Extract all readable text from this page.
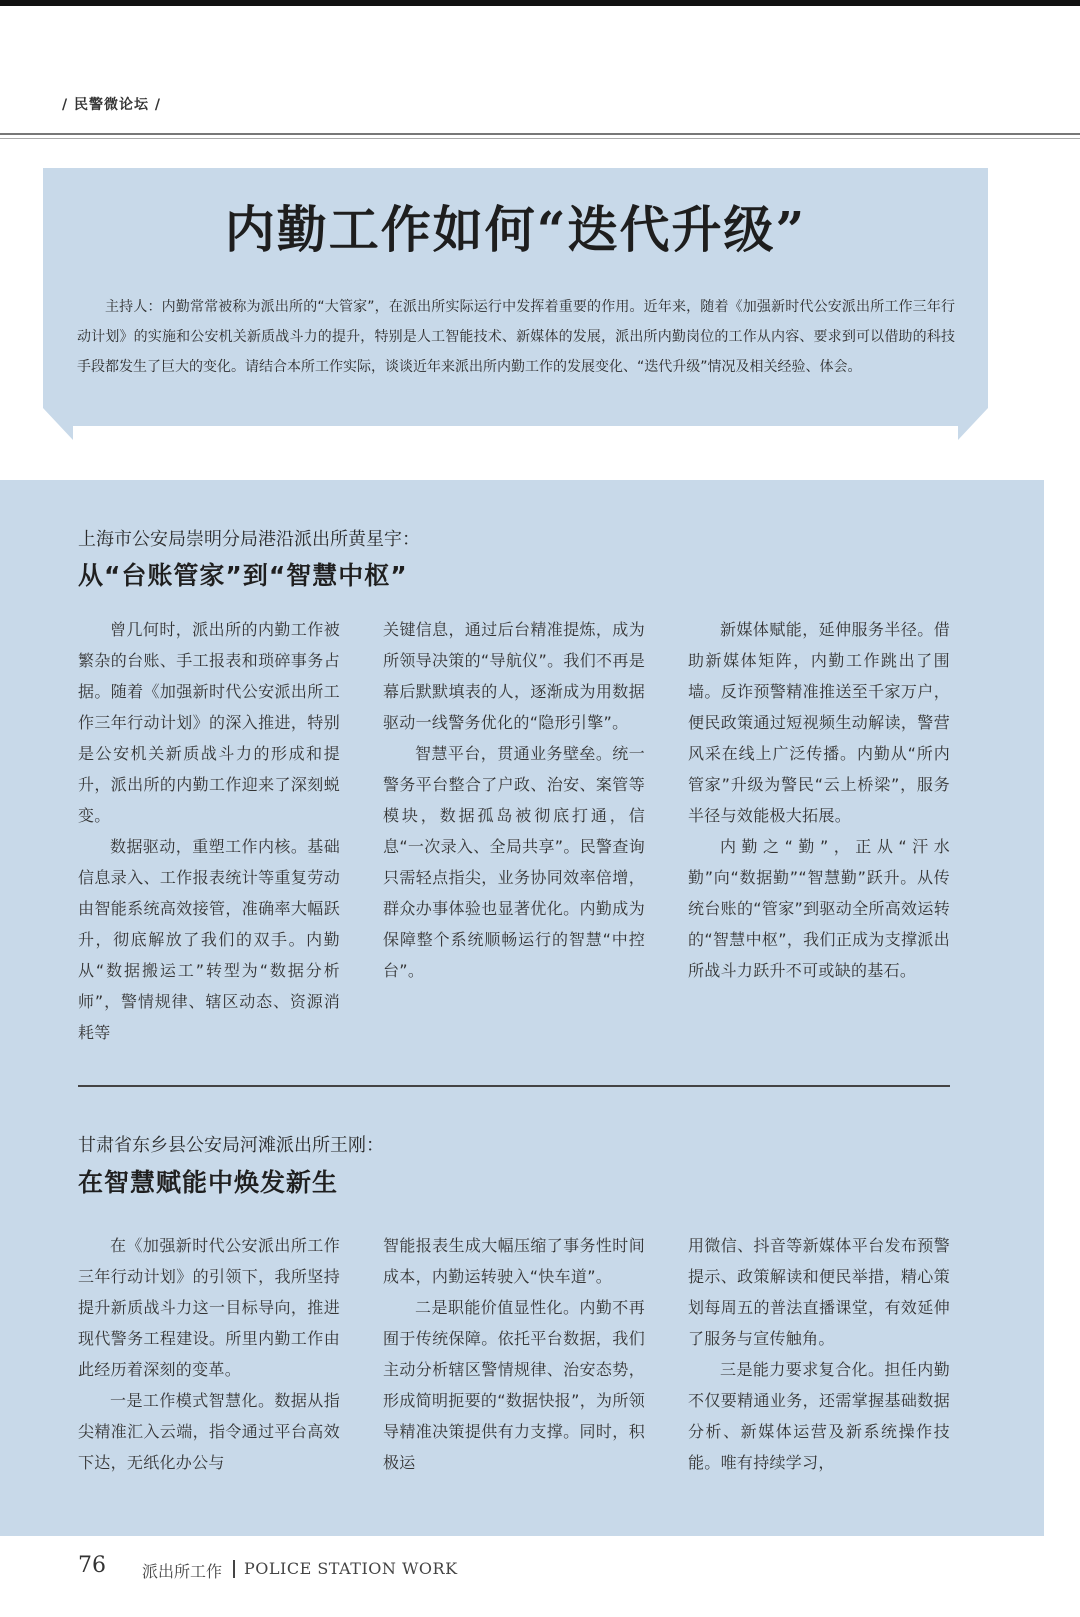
/ 民警微论坛 /
内勤工作如何“迭代升级”
主持人：内勤常常被称为派出所的“大管家”，在派出所实际运行中发挥着重要的作用。近年来，随着《加强新时代公安派出所工作三年行动计划》的实施和公安机关新质战斗力的提升，特别是人工智能技术、新媒体的发展，派出所内勤岗位的工作从内容、要求到可以借助的科技手段都发生了巨大的变化。请结合本所工作实际，谈谈近年来派出所内勤工作的发展变化、“迭代升级”情况及相关经验、体会。
上海市公安局崇明分局港沿派出所黄星宇：
从“台账管家”到“智慧中枢”

曾几何时，派出所的内勤工作被繁杂的台账、手工报表和琐碎事务占据。随着《加强新时代公安派出所工作三年行动计划》的深入推进，特别是公安机关新质战斗力的形成和提升，派出所的内勤工作迎来了深刻蜕变。

数据驱动，重塑工作内核。基础信息录入、工作报表统计等重复劳动由智能系统高效接管，准确率大幅跃升，彻底解放了我们的双手。内勤从“数据搬运工”转型为“数据分析师”，警情规律、辖区动态、资源消耗等

关键信息，通过后台精准提炼，成为所领导决策的“导航仪”。我们不再是幕后默默填表的人，逐渐成为用数据驱动一线警务优化的“隐形引擎”。

智慧平台，贯通业务壁垒。统一警务平台整合了户政、治安、案管等模块，数据孤岛被彻底打通，信息“一次录入、全局共享”。民警查询只需轻点指尖，业务协同效率倍增，群众办事体验也显著优化。内勤成为保障整个系统顺畅运行的智慧“中控台”。

新媒体赋能，延伸服务半径。借助新媒体矩阵，内勤工作跳出了围墙。反诈预警精准推送至千家万户，便民政策通过短视频生动解读，警营风采在线上广泛传播。内勤从“所内管家”升级为警民“云上桥梁”，服务半径与效能极大拓展。

内勤之“勤”，正从“汗水勤”向“数据勤”“智慧勤”跃升。从传统台账的“管家”到驱动全所高效运转的“智慧中枢”，我们正成为支撑派出所战斗力跃升不可或缺的基石。

甘肃省东乡县公安局河滩派出所王刚：
在智慧赋能中焕发新生

在《加强新时代公安派出所工作三年行动计划》的引领下，我所坚持提升新质战斗力这一目标导向，推进现代警务工程建设。所里内勤工作由此经历着深刻的变革。

一是工作模式智慧化。数据从指尖精准汇入云端，指令通过平台高效下达，无纸化办公与

智能报表生成大幅压缩了事务性时间成本，内勤运转驶入“快车道”。

二是职能价值显性化。内勤不再囿于传统保障。依托平台数据，我们主动分析辖区警情规律、治安态势，形成简明扼要的“数据快报”，为所领导精准决策提供有力支撑。同时，积极运

用微信、抖音等新媒体平台发布预警提示、政策解读和便民举措，精心策划每周五的普法直播课堂，有效延伸了服务与宣传触角。

三是能力要求复合化。担任内勤不仅要精通业务，还需掌握基础数据分析、新媒体运营及新系统操作技能。唯有持续学习，

76 派出所工作 POLICE STATION WORK
